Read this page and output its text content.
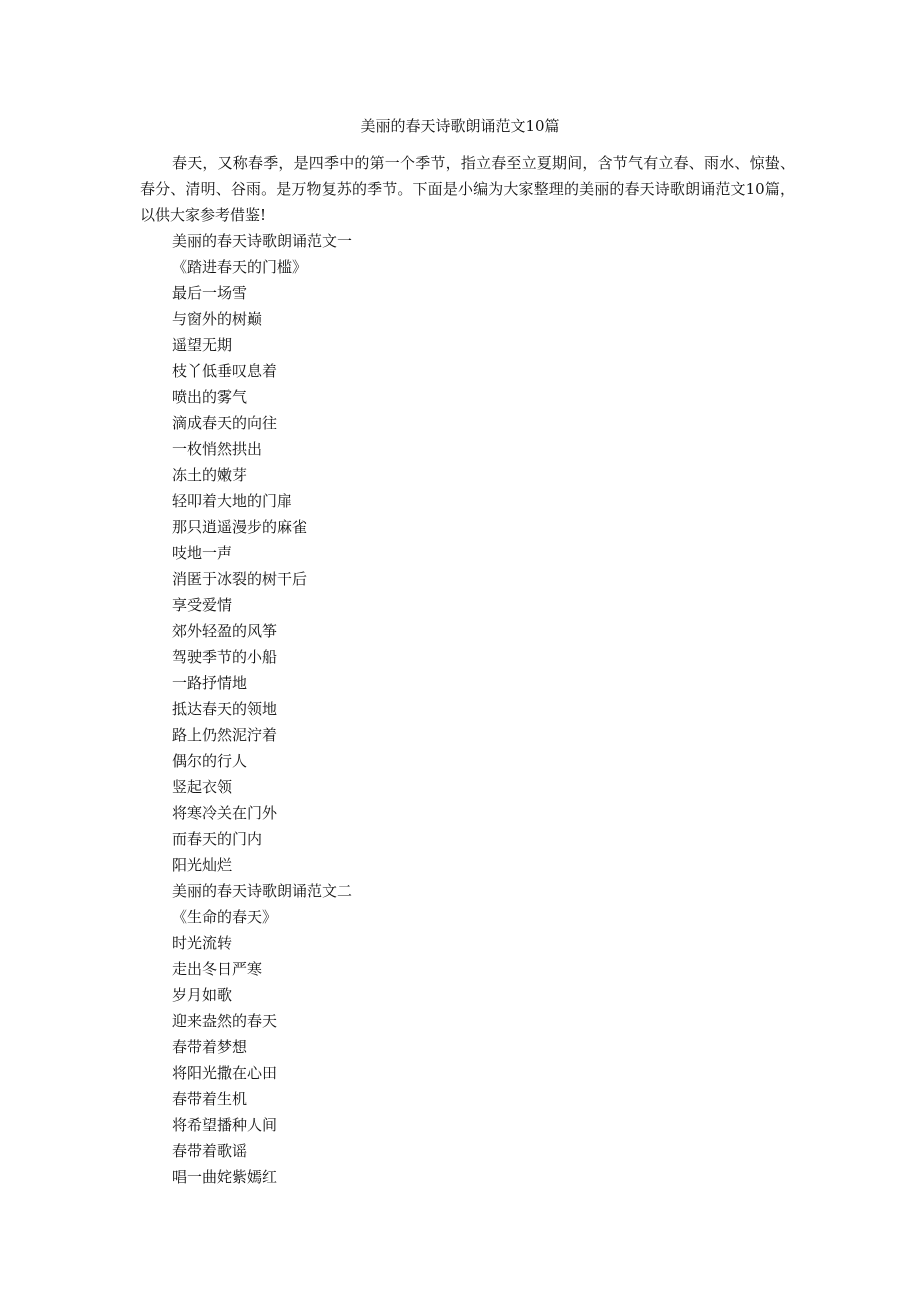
美丽的春天诗歌朗诵范文10篇

春天，又称春季，是四季中的第一个季节，指立春至立夏期间，含节气有立春、雨水、惊蛰、春分、清明、谷雨。是万物复苏的季节。下面是小编为大家整理的美丽的春天诗歌朗诵范文10篇，以供大家参考借鉴!

美丽的春天诗歌朗诵范文一
《踏进春天的门槛》
最后一场雪
与窗外的树巅
遥望无期
枝丫低垂叹息着
喷出的雾气
滴成春天的向往
一枚悄然拱出
冻土的嫩芽
轻叩着大地的门扉
那只逍遥漫步的麻雀
吱地一声
消匿于冰裂的树干后
享受爱情
郊外轻盈的风筝
驾驶季节的小船
一路抒情地
抵达春天的领地
路上仍然泥泞着
偶尔的行人
竖起衣领
将寒冷关在门外
而春天的门内
阳光灿烂
美丽的春天诗歌朗诵范文二
《生命的春天》
时光流转
走出冬日严寒
岁月如歌
迎来盎然的春天
春带着梦想
将阳光撒在心田
春带着生机
将希望播种人间
春带着歌谣
唱一曲姹紫嫣红
